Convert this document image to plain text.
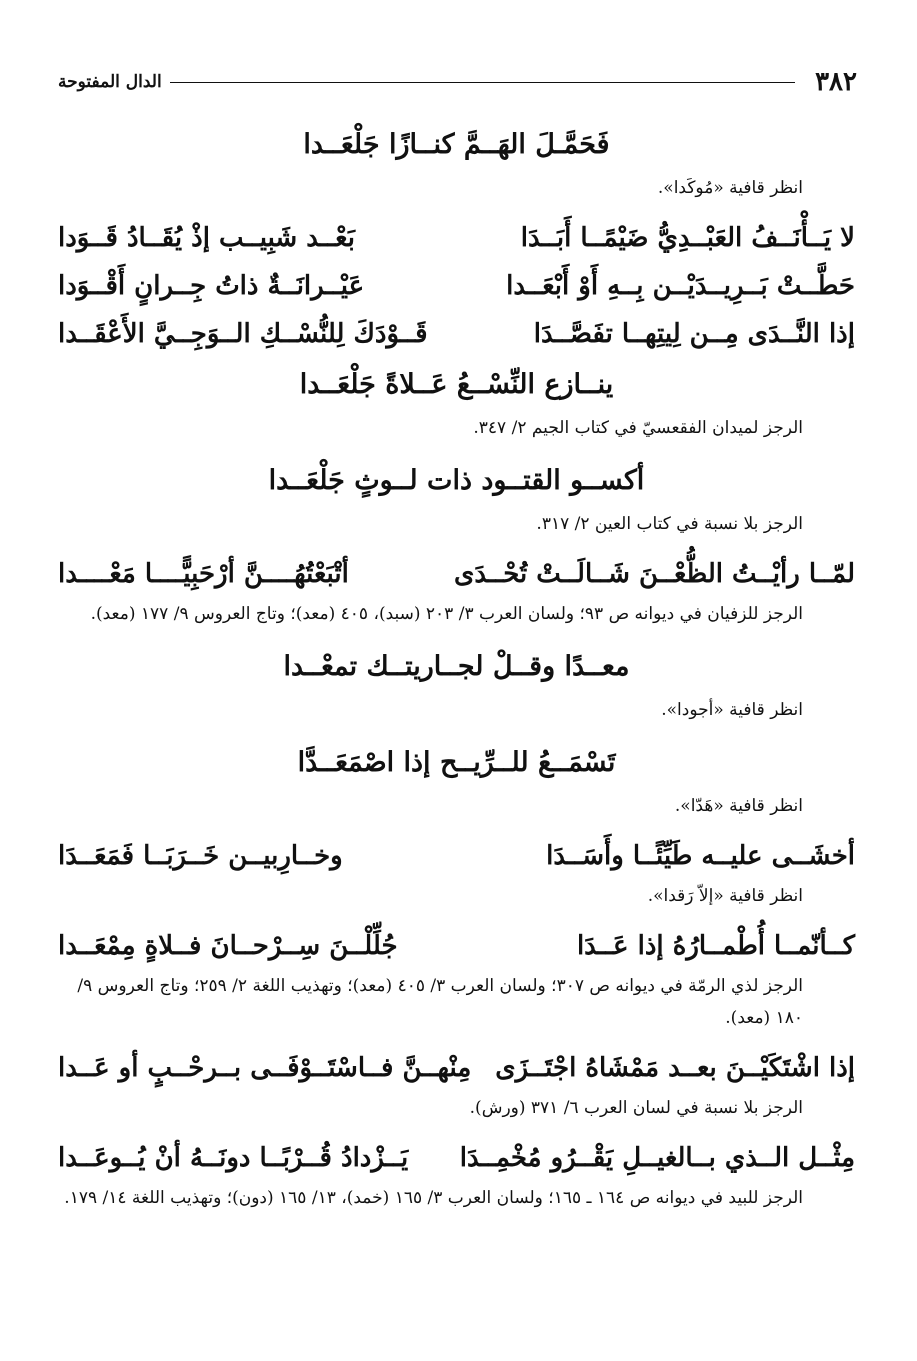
٣٨٢
الدال المفتوحة
فَحَمَّـلَ الهَــمَّ كنــازًا جَلْعَــدا
انظر قافية «مُوكَدا».
لا يَــأْنَــفُ العَبْــدِيُّ ضَيْمًــا أَبَــدَا
بَعْــد شَبِيــب إذْ يُقَــادُ قَــوَدا
حَطَّــتْ بَــرِيــدَيْــن بِــهِ أَوْ أَبْعَــدا
عَيْــرانَــةٌ ذاتُ جِــرانٍ أَقْــوَدا
إذا النَّــدَى مِــن لِيتِهــا تفَصَّــدَا
قَــوْدَكَ لِلنُّسْــكِ الــوَجِــيَّ الأَعْقَــدا
ينــازع النِّسْــعُ عَــلاةً جَلْعَــدا
الرجز لميدان الفقعسيّ في كتاب الجيم ٢/ ٣٤٧.
أكســو القتــود ذات لــوثٍ جَلْعَــدا
الرجز بلا نسبة في كتاب العين ٢/ ٣١٧.
لمّــا رأيْــتُ الظُّعْــنَ شَــالَــتْ تُحْــدَى
أتْبَعْتُهُــــنَّ أرْحَبِيًّــــا مَعْــــدا
الرجز للزفيان في ديوانه ص ٩٣؛ ولسان العرب ٣/ ٢٠٣ (سبد)، ٤٠٥ (معد)؛ وتاج العروس ٩/ ١٧٧ (معد).
معــدًا وقــلْ لجــاريتــك تمعْــدا
انظر قافية «أجودا».
تَسْمَــعُ للــرِّيــح إذا اصْمَعَــدَّا
انظر قافية «هَدّا».
أخشَــى عليــه طَيِّئًــا وأَسَــدَا
وخــارِبيــن خَــرَبَــا فَمَعَــدَا
انظر قافية «إلاّ رَقدا».
كــأنّمــا أُطْمــارُهُ إذا عَــدَا
جُلِّلْــنَ سِــرْحــانَ فــلاةٍ مِمْعَــدا
الرجز لذي الرمّة في ديوانه ص ٣٠٧؛ ولسان العرب ٣/ ٤٠٥ (معد)؛ وتهذيب اللغة ٢/ ٢٥٩؛ وتاج العروس ٩/ ١٨٠ (معد).
إذا اشْتَكَيْــنَ بعــد مَمْشَاهُ اجْتَــزَى
مِنْهــنَّ فــاسْتَــوْفَــى بــرحْــبٍ أو عَــدا
الرجز بلا نسبة في لسان العرب ٦/ ٣٧١ (ورش).
مِثْــل الــذي بــالغيــلِ يَقْــرُو مُخْمِــدَا
يَــزْدادُ قُــرْبًــا دونَــهُ أنْ يُــوعَــدا
الرجز للبيد في ديوانه ص ١٦٤ ـ ١٦٥؛ ولسان العرب ٣/ ١٦٥ (خمد)، ١٣/ ١٦٥ (دون)؛ وتهذيب اللغة ١٤/ ١٧٩.
